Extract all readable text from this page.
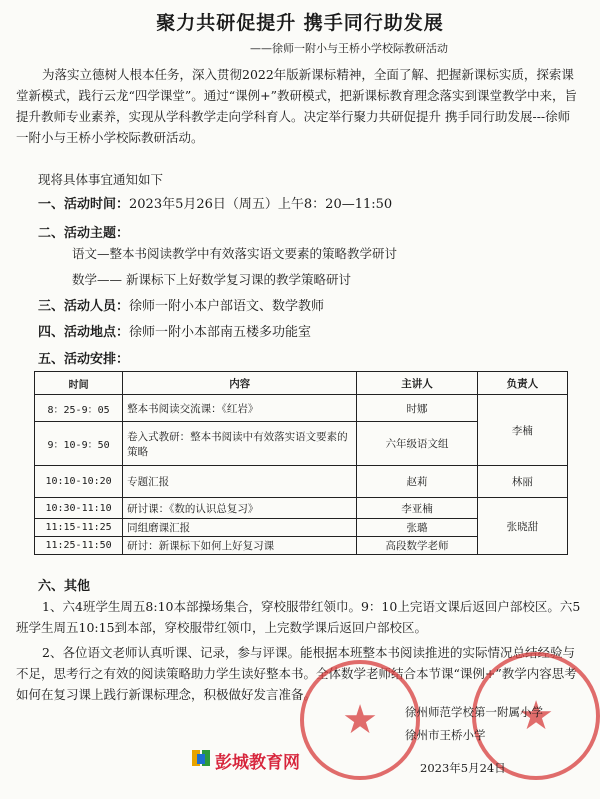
聚力共研促提升 携手同行助发展
——徐师一附小与王桥小学校际教研活动
为落实立德树人根本任务，深入贯彻2022年版新课标精神，全面了解、把握新课标实质，探索课堂新模式，践行云龙“四学课堂”。通过“课例+”教研模式，把新课标教育理念落实到课堂教学中来，旨提升教师专业素养，实现从学科教学走向学科育人。决定举行聚力共研促提升 携手同行助发展---徐师一附小与王桥小学校际教研活动。
现将具体事宜通知如下
一、活动时间：2023年5月26日（周五）上午8：20—11:50
二、活动主题：
语文—整本书阅读教学中有效落实语文要素的策略教学研讨
数学—— 新课标下上好数学复习课的教学策略研讨
三、活动人员：徐师一附小本户部语文、数学教师
四、活动地点：徐师一附小本部南五楼多功能室
五、活动安排：
时间	内容	主讲人	负责人
8：25-9：05	整本书阅读交流课：《红岩》	时娜	李楠
9：10-9：50	卷入式教研：整本书阅读中有效落实语文要素的策略	六年级语文组	
10:10-10:20	专题汇报	赵莉	林丽
10:30-11:10	研讨课：《数的认识总复习》	李亚楠	张晓甜
11:15-11:25	同组磨课汇报	张璐	
11:25-11:50	研讨：新课标下如何上好复习课	高段数学老师	
六、其他
1、六4班学生周五8:10本部操场集合，穿校服带红领巾。9：10上完语文课后返回户部校区。六5班学生周五10:15到本部，穿校服带红领巾，上完数学课后返回户部校区。
2、各位语文老师认真听课、记录，参与评课。能根据本班整本书阅读推进的实际情况总结经验与不足，思考行之有效的阅读策略助力学生读好整本书。全体数学老师结合本节课“课例+”教学内容思考如何在复习课上践行新课标理念，积极做好发言准备。
★	★
徐州师范学校第一附属小学
徐州市王桥小学
2023年5月24日
彭城教育网
